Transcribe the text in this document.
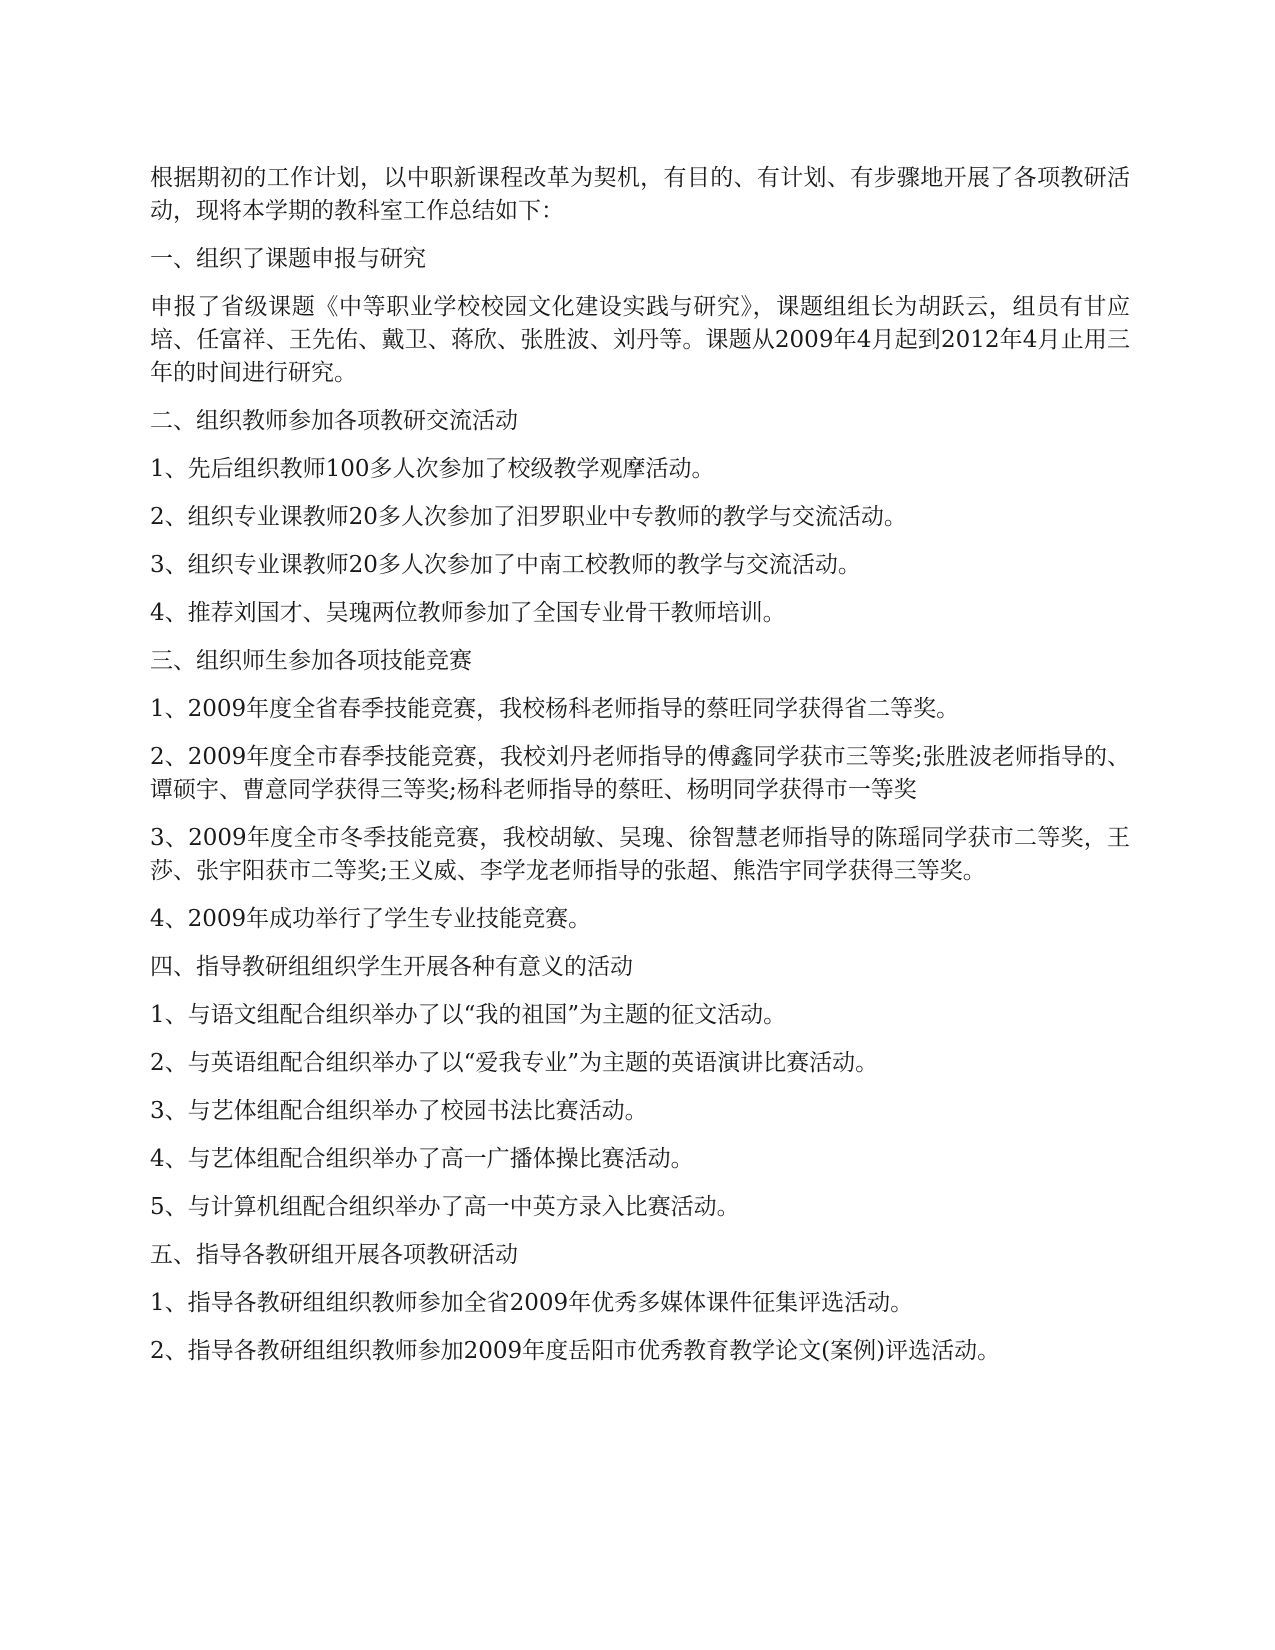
根据期初的工作计划，以中职新课程改革为契机，有目的、有计划、有步骤地开展了各项教研活动，现将本学期的教科室工作总结如下：

一、组织了课题申报与研究

申报了省级课题《中等职业学校校园文化建设实践与研究》，课题组组长为胡跃云，组员有甘应培、任富祥、王先佑、戴卫、蒋欣、张胜波、刘丹等。课题从2009年4月起到2012年4月止用三年的时间进行研究。

二、组织教师参加各项教研交流活动

1、先后组织教师100多人次参加了校级教学观摩活动。

2、组织专业课教师20多人次参加了汨罗职业中专教师的教学与交流活动。

3、组织专业课教师20多人次参加了中南工校教师的教学与交流活动。

4、推荐刘国才、吴瑰两位教师参加了全国专业骨干教师培训。

三、组织师生参加各项技能竞赛

1、2009年度全省春季技能竞赛，我校杨科老师指导的蔡旺同学获得省二等奖。

2、2009年度全市春季技能竞赛，我校刘丹老师指导的傅鑫同学获市三等奖;张胜波老师指导的、谭硕宇、曹意同学获得三等奖;杨科老师指导的蔡旺、杨明同学获得市一等奖

3、2009年度全市冬季技能竞赛，我校胡敏、吴瑰、徐智慧老师指导的陈瑶同学获市二等奖，王莎、张宇阳获市二等奖;王义威、李学龙老师指导的张超、熊浩宇同学获得三等奖。

4、2009年成功举行了学生专业技能竞赛。

四、指导教研组组织学生开展各种有意义的活动

1、与语文组配合组织举办了以“我的祖国”为主题的征文活动。

2、与英语组配合组织举办了以“爱我专业”为主题的英语演讲比赛活动。

3、与艺体组配合组织举办了校园书法比赛活动。

4、与艺体组配合组织举办了高一广播体操比赛活动。

5、与计算机组配合组织举办了高一中英方录入比赛活动。

五、指导各教研组开展各项教研活动

1、指导各教研组组织教师参加全省2009年优秀多媒体课件征集评选活动。

2、指导各教研组组织教师参加2009年度岳阳市优秀教育教学论文(案例)评选活动。
